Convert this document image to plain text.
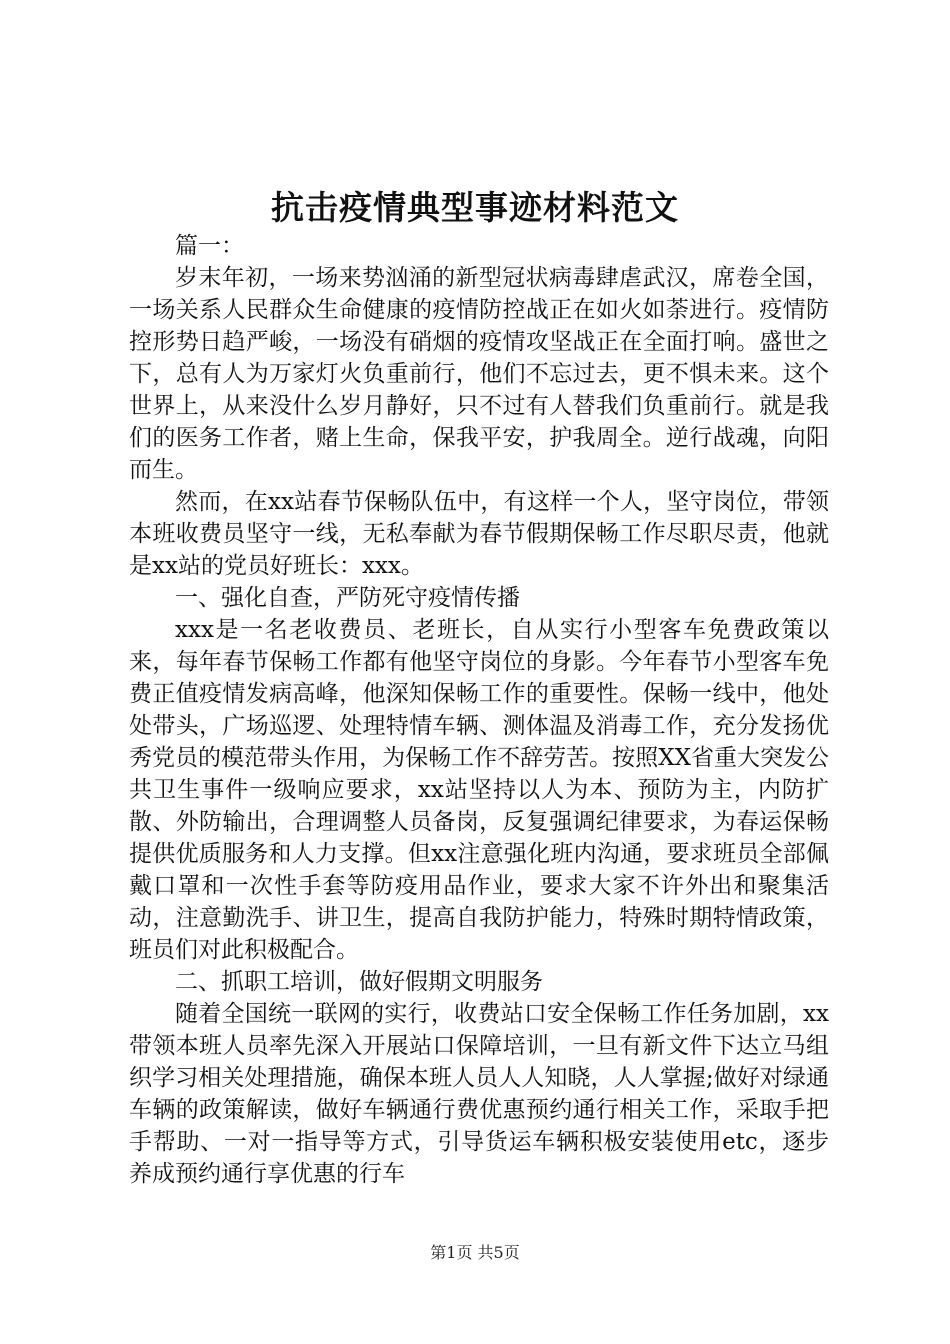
抗击疫情典型事迹材料范文

篇一：

岁末年初，一场来势汹涌的新型冠状病毒肆虐武汉，席卷全国，一场关系人民群众生命健康的疫情防控战正在如火如荼进行。疫情防控形势日趋严峻，一场没有硝烟的疫情攻坚战正在全面打响。盛世之下，总有人为万家灯火负重前行，他们不忘过去，更不惧未来。这个世界上，从来没什么岁月静好，只不过有人替我们负重前行。就是我们的医务工作者，赌上生命，保我平安，护我周全。逆行战魂，向阳而生。

然而，在xx站春节保畅队伍中，有这样一个人，坚守岗位，带领本班收费员坚守一线，无私奉献为春节假期保畅工作尽职尽责，他就是xx站的党员好班长：xxx。

一、强化自查，严防死守疫情传播

xxx是一名老收费员、老班长，自从实行小型客车免费政策以来，每年春节保畅工作都有他坚守岗位的身影。今年春节小型客车免费正值疫情发病高峰，他深知保畅工作的重要性。保畅一线中，他处处带头，广场巡逻、处理特情车辆、测体温及消毒工作，充分发扬优秀党员的模范带头作用，为保畅工作不辞劳苦。按照XX省重大突发公共卫生事件一级响应要求，xx站坚持以人为本、预防为主，内防扩散、外防输出，合理调整人员备岗，反复强调纪律要求，为春运保畅提供优质服务和人力支撑。但xx注意强化班内沟通，要求班员全部佩戴口罩和一次性手套等防疫用品作业，要求大家不许外出和聚集活动，注意勤洗手、讲卫生，提高自我防护能力，特殊时期特情政策，班员们对此积极配合。

二、抓职工培训，做好假期文明服务

随着全国统一联网的实行，收费站口安全保畅工作任务加剧，xx带领本班人员率先深入开展站口保障培训，一旦有新文件下达立马组织学习相关处理措施，确保本班人员人人知晓，人人掌握;做好对绿通车辆的政策解读，做好车辆通行费优惠预约通行相关工作，采取手把手帮助、一对一指导等方式，引导货运车辆积极安装使用etc，逐步养成预约通行享优惠的行车

第1页 共5页
